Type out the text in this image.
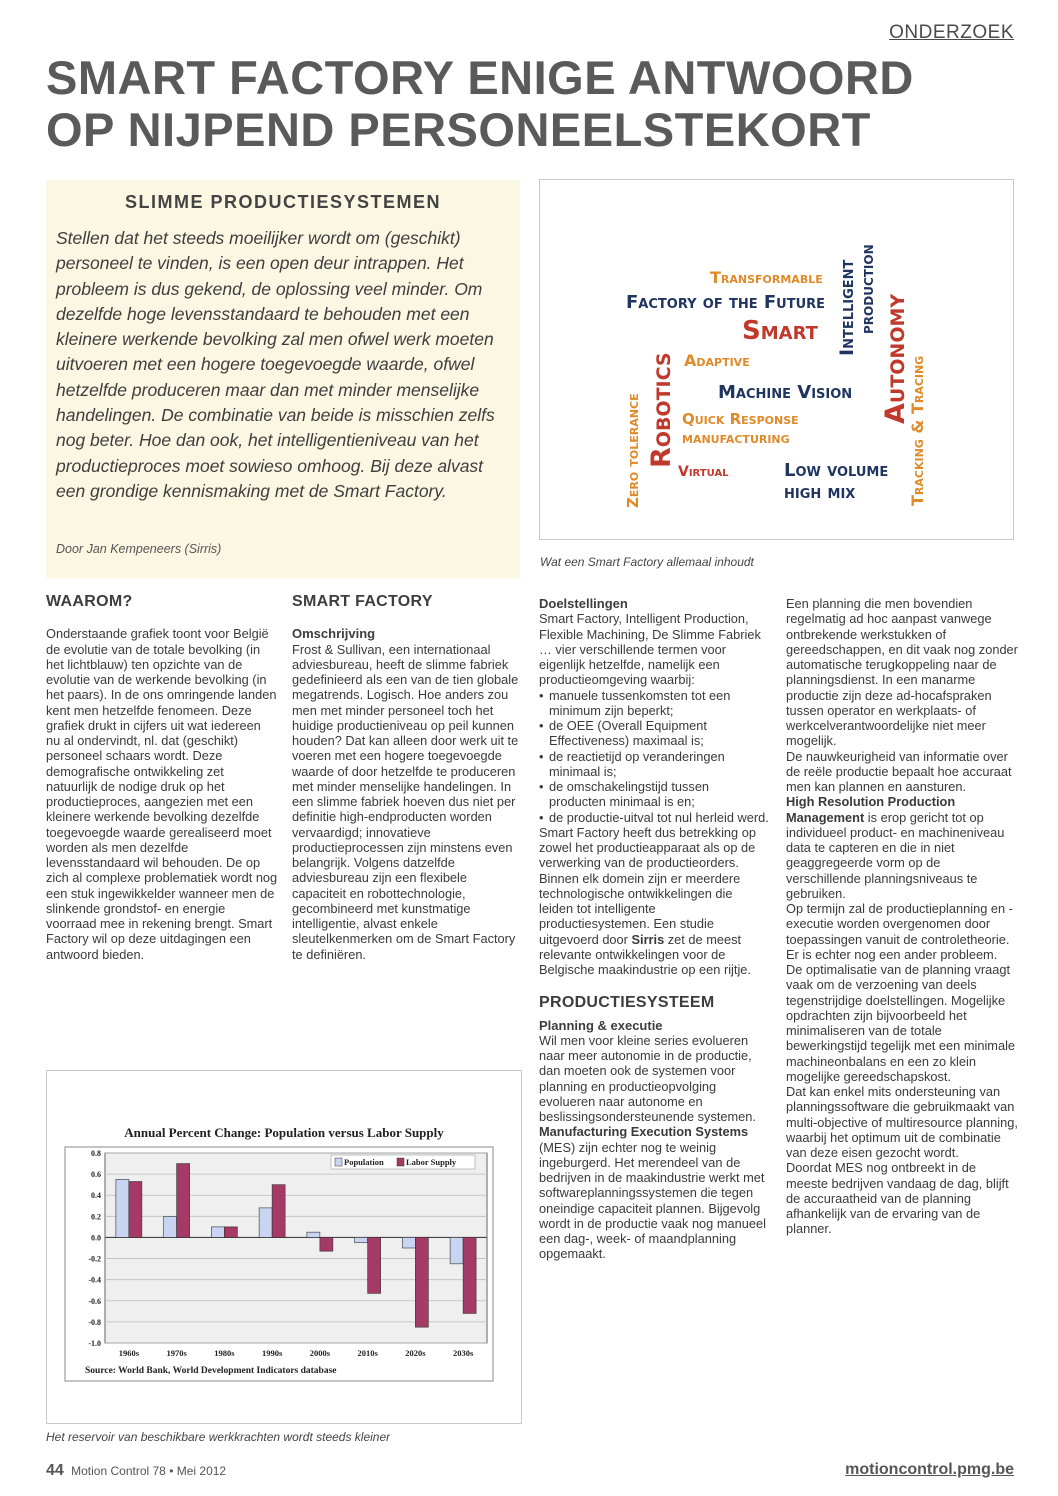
ONDERZOEK
SMART FACTORY ENIGE ANTWOORD
OP NIJPEND PERSONEELSTEKORT
SLIMME PRODUCTIESYSTEMEN

Stellen dat het steeds moeilijker wordt om (geschikt) personeel te vinden, is een open deur intrappen. Het probleem is dus gekend, de oplossing veel minder. Om dezelfde hoge levensstandaard te behouden met een kleinere werkende bevolking zal men ofwel werk moeten uitvoeren met een hogere toegevoegde waarde, ofwel hetzelfde produceren maar dan met minder menselijke handelingen. De combinatie van beide is misschien zelfs nog beter. Hoe dan ook, het intelligentieniveau van het productieproces moet sowieso omhoog. Bij deze alvast een grondige kennismaking met de Smart Factory.

Door Jan Kempeneers (Sirris)
Transformable
Factory of the Future
Smart
Adaptive
Machine Vision
Quick Response
manufacturing
Virtual	Low volume
high mix
Robotics
Zero tolerance
Intelligent production
Autonomy
Tracking & Tracing
Wat een Smart Factory allemaal inhoudt
WAAROM?

Onderstaande grafiek toont voor België de evolutie van de totale bevolking (in het lichtblauw) ten opzichte van de evolutie van de werkende bevolking (in het paars). In de ons omringende landen kent men hetzelfde fenomeen. Deze grafiek drukt in cijfers uit wat iedereen nu al ondervindt, nl. dat (geschikt) personeel schaars wordt. Deze demografische ontwikkeling zet natuurlijk de nodige druk op het productieproces, aangezien met een kleinere werkende bevolking dezelfde toegevoegde waarde gerealiseerd moet worden als men dezelfde levensstandaard wil behouden. De op zich al complexe problematiek wordt nog een stuk ingewikkelder wanneer men de slinkende grondstof- en energie voorraad mee in rekening brengt. Smart Factory wil op deze uitdagingen een antwoord bieden.

SMART FACTORY
Omschrijving

Frost & Sullivan, een internationaal adviesbureau, heeft de slimme fabriek gedefinieerd als een van de tien globale megatrends. Logisch. Hoe anders zou men met minder personeel toch het huidige productieniveau op peil kunnen houden? Dat kan alleen door werk uit te voeren met een hogere toegevoegde waarde of door hetzelfde te produceren met minder menselijke handelingen. In een slimme fabriek hoeven dus niet per definitie high-endproducten worden vervaardigd; innovatieve productieprocessen zijn minstens even belangrijk. Volgens datzelfde adviesbureau zijn een flexibele capaciteit en robottechnologie, gecombineerd met kunstmatige intelligentie, alvast enkele sleutelkenmerken om de Smart Factory te definiëren.

Doelstellingen

Smart Factory, Intelligent Production, Flexible Machining, De Slimme Fabriek … vier verschillende termen voor eigenlijk hetzelfde, namelijk een productieomgeving waarbij:

• manuele tussenkomsten tot een minimum zijn beperkt;
• de OEE (Overall Equipment Effectiveness) maximaal is;
• de reactietijd op veranderingen minimaal is;
• de omschakelingstijd tussen producten minimaal is en;
• de productie-uitval tot nul herleid werd.

Smart Factory heeft dus betrekking op zowel het productieapparaat als op de verwerking van de productieorders.

Binnen elk domein zijn er meerdere technologische ontwikkelingen die leiden tot intelligente productiesystemen. Een studie uitgevoerd door Sirris zet de meest relevante ontwikkelingen voor de Belgische maakindustrie op een rijtje.

PRODUCTIESYSTEEM
Planning & executie

Wil men voor kleine series evolueren naar meer autonomie in de productie, dan moeten ook de systemen voor planning en productieopvolging evolueren naar autonome en beslissingsondersteunende systemen.

Manufacturing Execution Systems (MES) zijn echter nog te weinig ingeburgerd. Het merendeel van de bedrijven in de maakindustrie werkt met softwareplanningssystemen die tegen oneindige capaciteit plannen. Bijgevolg wordt in de productie vaak nog manueel een dag-, week- of maandplanning opgemaakt.

Een planning die men bovendien regelmatig ad hoc aanpast vanwege ontbrekende werkstukken of gereedschappen, en dit vaak nog zonder automatische terugkoppeling naar de planningsdienst. In een manarme productie zijn deze ad-hocafspraken tussen operator en werkplaats- of werkcelverantwoordelijke niet meer mogelijk.

De nauwkeurigheid van informatie over de reële productie bepaalt hoe accuraat men kan plannen en aansturen.

High Resolution Production Management is erop gericht tot op individueel product- en machineniveau data te capteren en die in niet geaggregeerde vorm op de verschillende planningsniveaus te gebruiken.

Op termijn zal de productieplanning en -executie worden overgenomen door toepassingen vanuit de controletheorie.

Er is echter nog een ander probleem.

De optimalisatie van de planning vraagt vaak om de verzoening van deels tegenstrijdige doelstellingen. Mogelijke opdrachten zijn bijvoorbeeld het minimaliseren van de totale bewerkingstijd tegelijk met een minimale machineonbalans en een zo klein mogelijke gereedschapskost.

Dat kan enkel mits ondersteuning van planningssoftware die gebruikmaakt van multi-objective of multiresource planning, waarbij het optimum uit de combinatie van deze eisen gezocht wordt.

Doordat MES nog ontbreekt in de meeste bedrijven vandaag de dag, blijft de accuraatheid van de planning afhankelijk van de ervaring van de planner.

Annual Percent Change: Population versus Labor Supply
0.8
0.6
0.4
0.2
0.0
-0.2
-0.4
-0.6
-0.8
-1.0
1960s	1970s	1980s	1990s	2000s	2010s	2020s	2030s
Population	Labor Supply
Source: World Bank, World Development Indicators database
Het reservoir van beschikbare werkkrachten wordt steeds kleiner
44 Motion Control 78 • Mei 2012	motioncontrol.pmg.be
